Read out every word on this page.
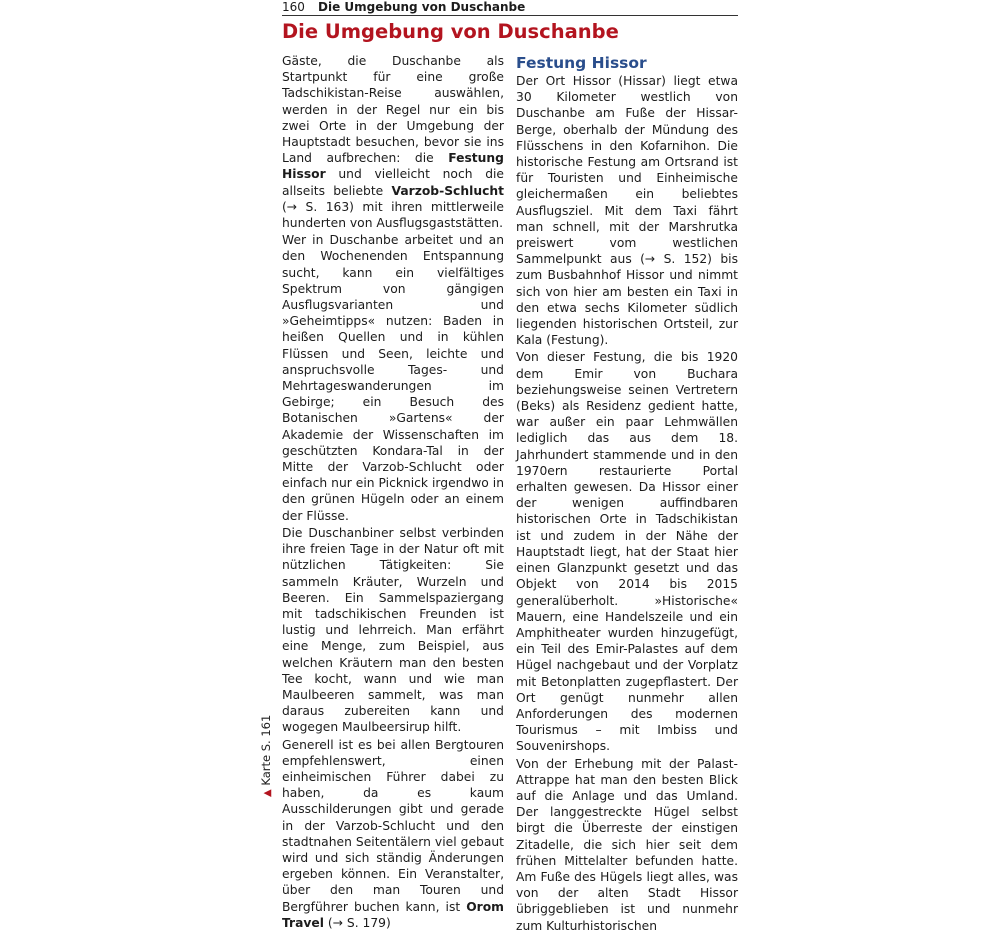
160 Die Umgebung von Duschanbe
Die Umgebung von Duschanbe

Gäste, die Duschanbe als Startpunkt für eine große Tadschikistan-Reise auswählen, werden in der Regel nur ein bis zwei Orte in der Umgebung der Hauptstadt besuchen, bevor sie ins Land aufbrechen: die Festung Hissor und vielleicht noch die allseits beliebte Varzob-Schlucht (→ S. 163) mit ihren mittlerweile hunderten von Ausflugsgaststätten.

Wer in Duschanbe arbeitet und an den Wochenenden Entspannung sucht, kann ein vielfältiges Spektrum von gängigen Ausflugsvarianten und »Geheimtipps« nutzen: Baden in heißen Quellen und in kühlen Flüssen und Seen, leichte und anspruchsvolle Tages- und Mehrtageswanderungen im Gebirge; ein Besuch des Botanischen »Gartens« der Akademie der Wissenschaften im geschützten Kondara-Tal in der Mitte der Varzob-Schlucht oder einfach nur ein Picknick irgendwo in den grünen Hügeln oder an einem der Flüsse.

Die Duschanbiner selbst verbinden ihre freien Tage in der Natur oft mit nützlichen Tätigkeiten: Sie sammeln Kräuter, Wurzeln und Beeren. Ein Sammelspaziergang mit tadschikischen Freunden ist lustig und lehrreich. Man erfährt eine Menge, zum Beispiel, aus welchen Kräutern man den besten Tee kocht, wann und wie man Maulbeeren sammelt, was man daraus zubereiten kann und wogegen Maulbeersirup hilft.

Generell ist es bei allen Bergtouren empfehlenswert, einen einheimischen Führer dabei zu haben, da es kaum Ausschilderungen gibt und gerade in der Varzob-Schlucht und den stadtnahen Seitentälern viel gebaut wird und sich ständig Änderungen ergeben können. Ein Veranstalter, über den man Touren und Bergführer buchen kann, ist Orom Travel (→ S. 179)

Festung Hissor

Der Ort Hissor (Hissar) liegt etwa 30 Kilometer westlich von Duschanbe am Fuße der Hissar-Berge, oberhalb der Mündung des Flüsschens in den Kofarnihon. Die historische Festung am Ortsrand ist für Touristen und Einheimische gleichermaßen ein beliebtes Ausflugsziel. Mit dem Taxi fährt man schnell, mit der Marshrutka preiswert vom westlichen Sammelpunkt aus (→ S. 152) bis zum Busbahnhof Hissor und nimmt sich von hier am besten ein Taxi in den etwa sechs Kilometer südlich liegenden historischen Ortsteil, zur Kala (Festung).

Von dieser Festung, die bis 1920 dem Emir von Buchara beziehungsweise seinen Vertretern (Beks) als Residenz gedient hatte, war außer ein paar Lehmwällen lediglich das aus dem 18. Jahrhundert stammende und in den 1970ern restaurierte Portal erhalten gewesen. Da Hissor einer der wenigen auffindbaren historischen Orte in Tadschikistan ist und zudem in der Nähe der Hauptstadt liegt, hat der Staat hier einen Glanzpunkt gesetzt und das Objekt von 2014 bis 2015 generalüberholt. »Historische« Mauern, eine Handelszeile und ein Amphitheater wurden hinzugefügt, ein Teil des Emir-Palastes auf dem Hügel nachgebaut und der Vorplatz mit Betonplatten zugepflastert. Der Ort genügt nunmehr allen Anforderungen des modernen Tourismus – mit Imbiss und Souvenirshops.

Von der Erhebung mit der Palast-Attrappe hat man den besten Blick auf die Anlage und das Umland. Der langgestreckte Hügel selbst birgt die Überreste der einstigen Zitadelle, die sich hier seit dem frühen Mittelalter befunden hatte. Am Fuße des Hügels liegt alles, was von der alten Stadt Hissor übriggeblieben ist und nunmehr zum Kulturhistorischen

▲ Karte S. 161
